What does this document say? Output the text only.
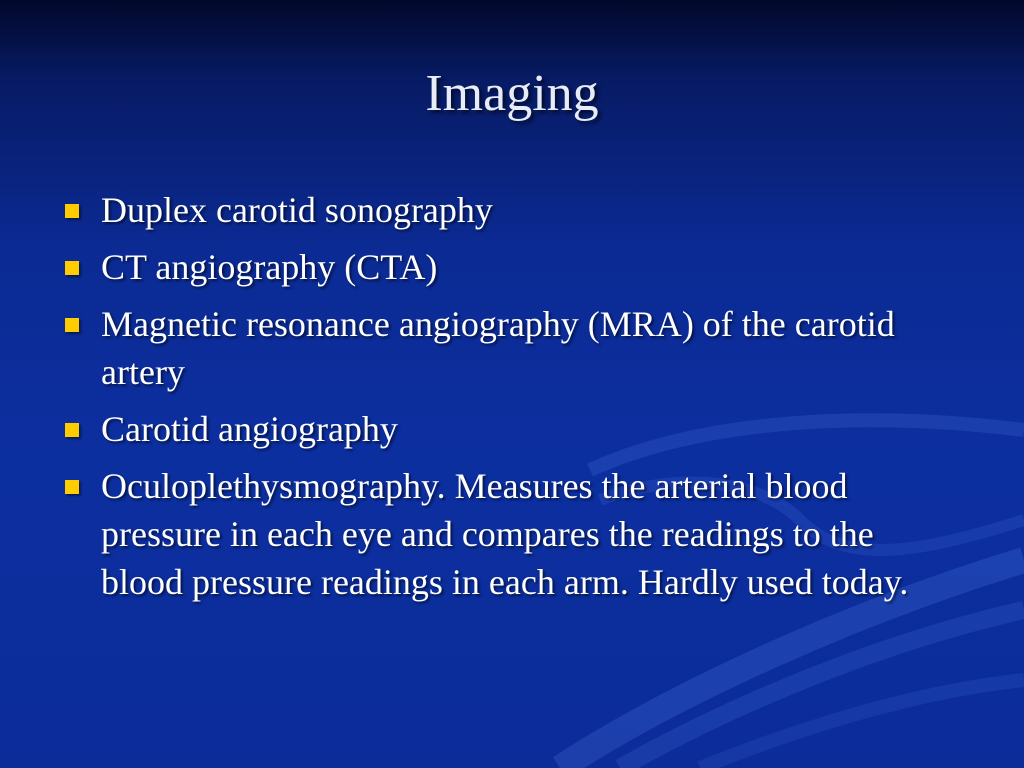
Imaging
Duplex carotid sonography
CT angiography (CTA)
Magnetic resonance angiography (MRA) of the carotid artery
Carotid angiography
Oculoplethysmography. Measures the arterial blood pressure in each eye and compares the readings to the blood pressure readings in each arm. Hardly used today.
